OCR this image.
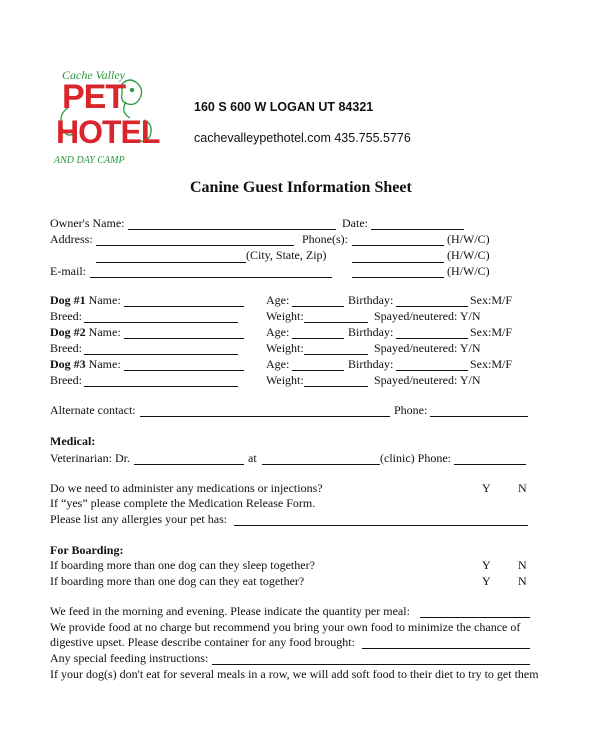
Cache Valley
PET
HOTEL
AND DAY CAMP
160 S 600 W LOGAN UT 84321
cachevalleypethotel.com 435.755.5776
Canine Guest Information Sheet
Owner's Name:	Date:
Address:	Phone(s):	(H/W/C)
(City, State, Zip)	(H/W/C)
E-mail:	(H/W/C)
Dog #1 Name:	Age:	Birthday:	Sex:M/F
Breed:	Weight:	Spayed/neutered: Y/N
Dog #2 Name:	Age:	Birthday:	Sex:M/F
Breed:	Weight:	Spayed/neutered: Y/N
Dog #3 Name:	Age:	Birthday:	Sex:M/F
Breed:	Weight:	Spayed/neutered: Y/N
Alternate contact:	Phone:
Medical:
Veterinarian: Dr.	at	(clinic) Phone:
Do we need to administer any medications or injections?	Y N
If “yes” please complete the Medication Release Form.
Please list any allergies your pet has:
For Boarding:
If boarding more than one dog can they sleep together?	Y N
If boarding more than one dog can they eat together?	Y N
We feed in the morning and evening. Please indicate the quantity per meal:
We provide food at no charge but recommend you bring your own food to minimize the chance of
digestive upset. Please describe container for any food brought:
Any special feeding instructions:
If your dog(s) don't eat for several meals in a row, we will add soft food to their diet to try to get them
